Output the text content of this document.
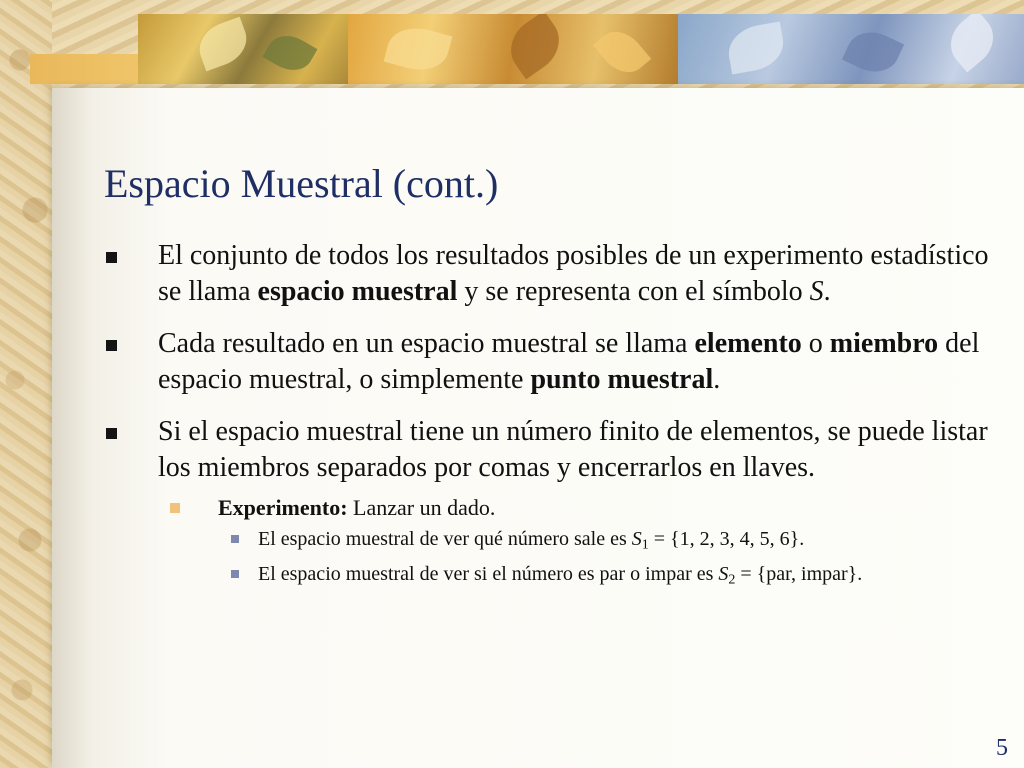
Espacio Muestral (cont.)
El conjunto de todos los resultados posibles de un experimento estadístico se llama espacio muestral y se representa con el símbolo S.
Cada resultado en un espacio muestral se llama elemento o miembro del espacio muestral, o simplemente punto muestral.
Si el espacio muestral tiene un número finito de elementos, se puede listar los miembros separados por comas y encerrarlos en llaves.
Experimento: Lanzar un dado.
El espacio muestral de ver qué número sale es $S_1 = \{1$, 2, 3, 4, 5, 6}.
El espacio muestral de ver si el número es par o impar es $S_2 = \{par$, impar}.
5
